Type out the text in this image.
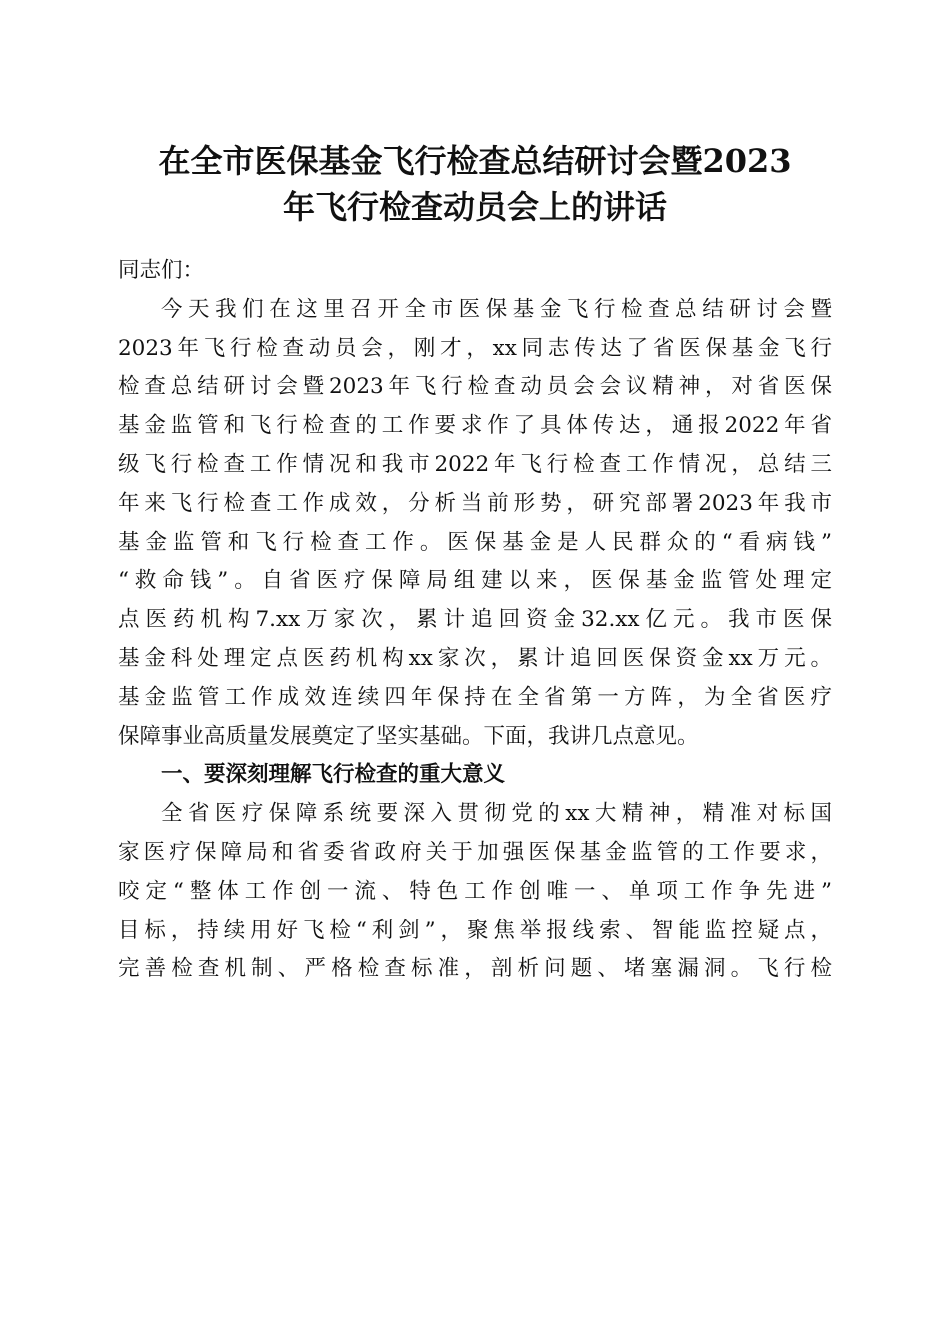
在全市医保基金飞行检查总结研讨会暨2023
年飞行检查动员会上的讲话
同志们：

今天我们在这里召开全市医保基金飞行检查总结研讨会暨
2023年飞行检查动员会，刚才，xx同志传达了省医保基金飞行
检查总结研讨会暨2023年飞行检查动员会会议精神，对省医保
基金监管和飞行检查的工作要求作了具体传达，通报2022年省
级飞行检查工作情况和我市2022年飞行检查工作情况，总结三
年来飞行检查工作成效，分析当前形势，研究部署2023年我市
基金监管和飞行检查工作。医保基金是人民群众的“看病钱”
“救命钱”。自省医疗保障局组建以来，医保基金监管处理定
点医药机构7.xx万家次，累计追回资金32.xx亿元。我市医保
基金科处理定点医药机构xx家次，累计追回医保资金xx万元。
基金监管工作成效连续四年保持在全省第一方阵，为全省医疗
保障事业高质量发展奠定了坚实基础。下面，我讲几点意见。

一、要深刻理解飞行检查的重大意义

全省医疗保障系统要深入贯彻党的xx大精神，精准对标国
家医疗保障局和省委省政府关于加强医保基金监管的工作要求，
咬定“整体工作创一流、特色工作创唯一、单项工作争先进”
目标，持续用好飞检“利剑”，聚焦举报线索、智能监控疑点，
完善检查机制、严格检查标准，剖析问题、堵塞漏洞。飞行检
